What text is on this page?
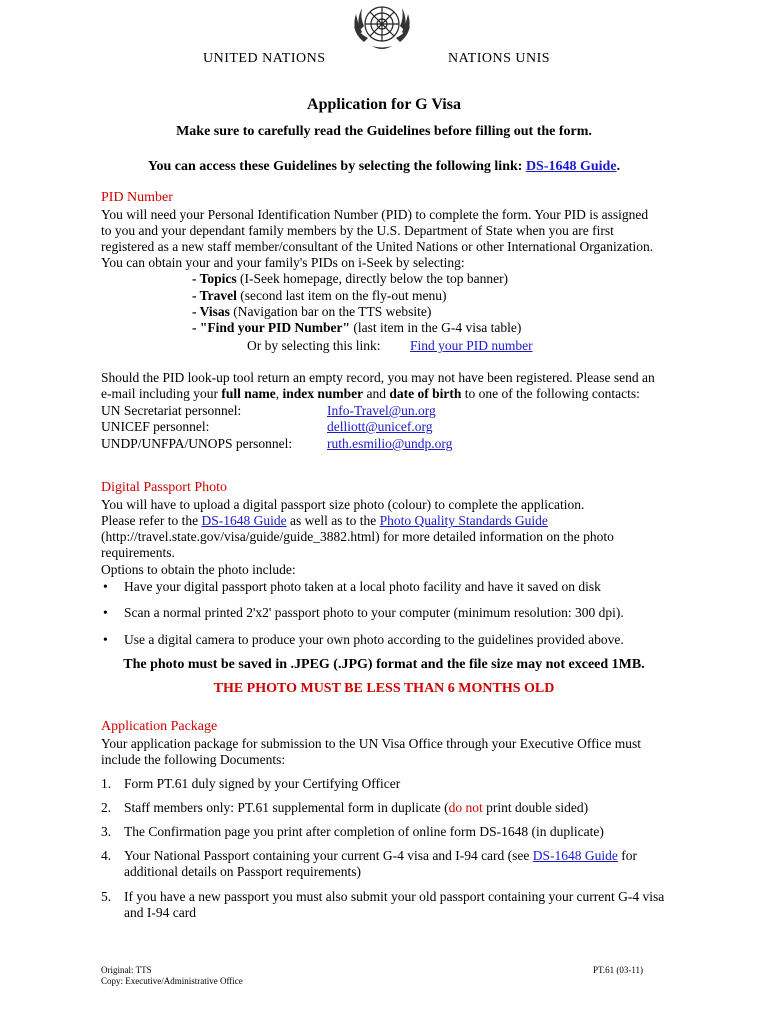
UNITED NATIONS	NATIONS UNIS
Application for G Visa
Make sure to carefully read the Guidelines before filling out the form.
You can access these Guidelines by selecting the following link: DS-1648 Guide.
PID Number
You will need your Personal Identification Number (PID) to complete the form. Your PID is assigned
to you and your dependant family members by the U.S. Department of State when you are first
registered as a new staff member/consultant of the United Nations or other International Organization.
You can obtain your and your family's PIDs on i-Seek by selecting:
- Topics (I-Seek homepage, directly below the top banner)
- Travel (second last item on the fly-out menu)
- Visas (Navigation bar on the TTS website)
- "Find your PID Number" (last item in the G-4 visa table)
Or by selecting this link: Find your PID number
Should the PID look-up tool return an empty record, you may not have been registered. Please send an
e-mail including your full name, index number and date of birth to one of the following contacts:
UN Secretariat personnel:	Info-Travel@un.org
UNICEF personnel:	delliott@unicef.org
UNDP/UNFPA/UNOPS personnel:	ruth.esmilio@undp.org
Digital Passport Photo
You will have to upload a digital passport size photo (colour) to complete the application.
Please refer to the DS-1648 Guide as well as to the Photo Quality Standards Guide
(http://travel.state.gov/visa/guide/guide_3882.html) for more detailed information on the photo
requirements.
Options to obtain the photo include:
• Have your digital passport photo taken at a local photo facility and have it saved on disk
• Scan a normal printed 2'x2' passport photo to your computer (minimum resolution: 300 dpi).
• Use a digital camera to produce your own photo according to the guidelines provided above.
The photo must be saved in .JPEG (.JPG) format and the file size may not exceed 1MB.
THE PHOTO MUST BE LESS THAN 6 MONTHS OLD
Application Package
Your application package for submission to the UN Visa Office through your Executive Office must
include the following Documents:
1. Form PT.61 duly signed by your Certifying Officer
2. Staff members only: PT.61 supplemental form in duplicate (do not print double sided)
3. The Confirmation page you print after completion of online form DS-1648 (in duplicate)
4. Your National Passport containing your current G-4 visa and I-94 card (see DS-1648 Guide for
additional details on Passport requirements)
5. If you have a new passport you must also submit your old passport containing your current G-4 visa
and I-94 card
Original: TTS
Copy: Executive/Administrative Office
PT.61 (03-11)
